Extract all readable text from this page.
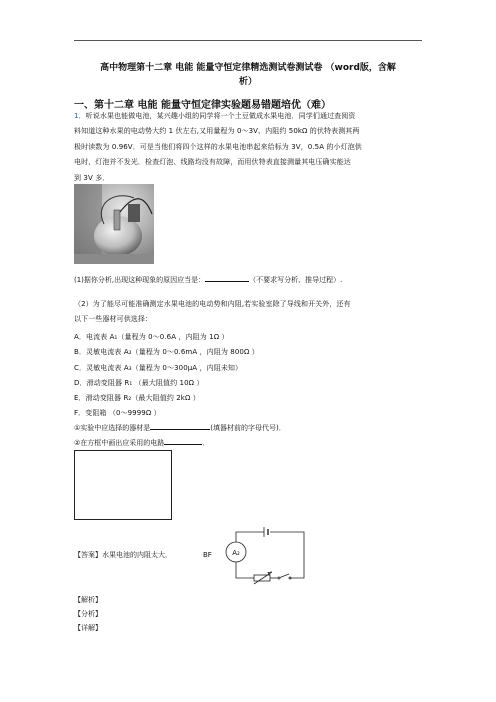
高中物理第十二章 电能 能量守恒定律精选测试卷测试卷 （word版，含解
析）
一、第十二章 电能 能量守恒定律实验题易错题培优（难）
1．听说水果也能做电池，某兴趣小组的同学将一个土豆做成水果电池．同学们通过查阅资
料知道这种水果的电动势大约 1 伏左右,又用量程为 0～3V、内阻约 50kΩ 的伏特表测其两
极时读数为 0.96V．可是当他们将四个这样的水果电池串起来给标为 3V，0.5A 的小灯泡供
电时，灯泡并不发光．检查灯泡、线路均没有故障，而用伏特表直接测量其电压确实能达
到 3V 多．
(1)据你分析,出现这种现象的原因应当是：	（不要求写分析、推导过程）.
（2）为了能尽可能准确测定水果电池的电动势和内阻,若实验室除了导线和开关外，还有
以下一些器材可供选择：
A．电流表 A₁（量程为 0～0.6A ，内阻为 1Ω ）
B．灵敏电流表 A₂（量程为 0～0.6mA ，内阻为 800Ω ）
C．灵敏电流表 A₃（量程为 0～300μA ，内阻未知）
D．滑动变阻器 R₁ （最大阻值约 10Ω ）
E．滑动变阻器 R₂（最大阻值约 2kΩ ）
F．变阻箱 （0～9999Ω ）
①实验中应选择的器材是	(填器材前的字母代号)．
②在方框中画出应采用的电路	．
【答案】水果电池的内阻太大．	BF	A₂
【解析】
【分析】
【详解】
